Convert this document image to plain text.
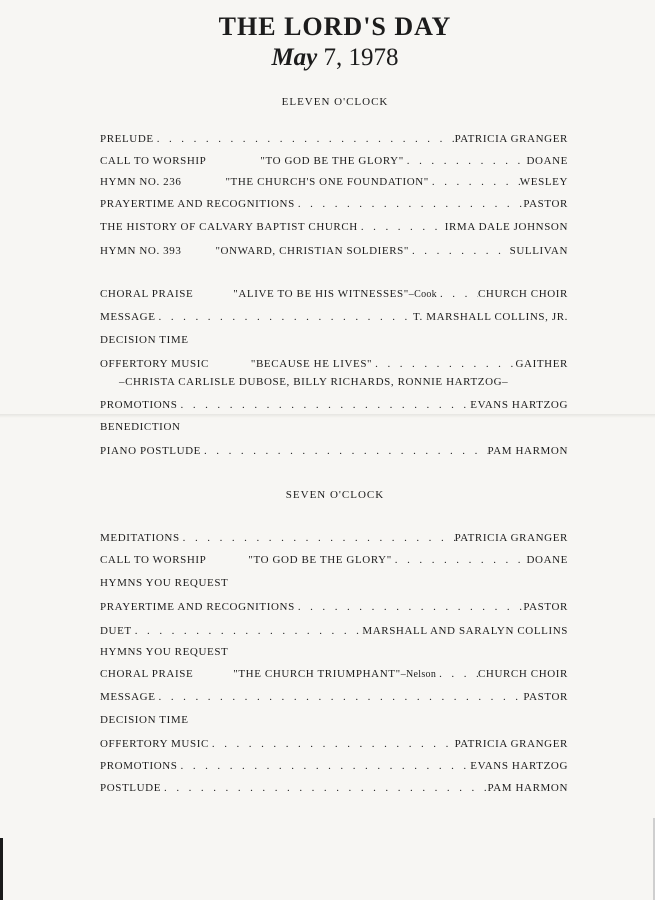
THE LORD'S DAY
May 7, 1978
ELEVEN O'CLOCK
PRELUDE . . .	PATRICIA GRANGER
CALL TO WORSHIP	"TO GOD BE THE GLORY" . . .	DOANE
HYMN NO. 236	"THE CHURCH'S ONE FOUNDATION" . . .	WESLEY
PRAYERTIME AND RECOGNITIONS . . .	PASTOR
THE HISTORY OF CALVARY BAPTIST CHURCH . . .	IRMA DALE JOHNSON
HYMN NO. 393	"ONWARD, CHRISTIAN SOLDIERS" . . .	SULLIVAN
CHORAL PRAISE	"ALIVE TO BE HIS WITNESSES" –Cook . . .	CHURCH CHOIR
MESSAGE . . .	T. MARSHALL COLLINS, JR.
DECISION TIME
OFFERTORY MUSIC	"BECAUSE HE LIVES" . . .	GAITHER
–CHRISTA CARLISLE DUBOSE, BILLY RICHARDS, RONNIE HARTZOG–
PROMOTIONS . . .	EVANS HARTZOG
BENEDICTION
PIANO POSTLUDE . . .	PAM HARMON
SEVEN O'CLOCK
MEDITATIONS . . .	PATRICIA GRANGER
CALL TO WORSHIP	"TO GOD BE THE GLORY" . . .	DOANE
HYMNS YOU REQUEST
PRAYERTIME AND RECOGNITIONS . . .	PASTOR
DUET . . .	MARSHALL AND SARALYN COLLINS
HYMNS YOU REQUEST
CHORAL PRAISE	"THE CHURCH TRIUMPHANT" –Nelson . . .	CHURCH CHOIR
MESSAGE . . .	PASTOR
DECISION TIME
OFFERTORY MUSIC . . .	PATRICIA GRANGER
PROMOTIONS . . .	EVANS HARTZOG
POSTLUDE . . .	PAM HARMON
